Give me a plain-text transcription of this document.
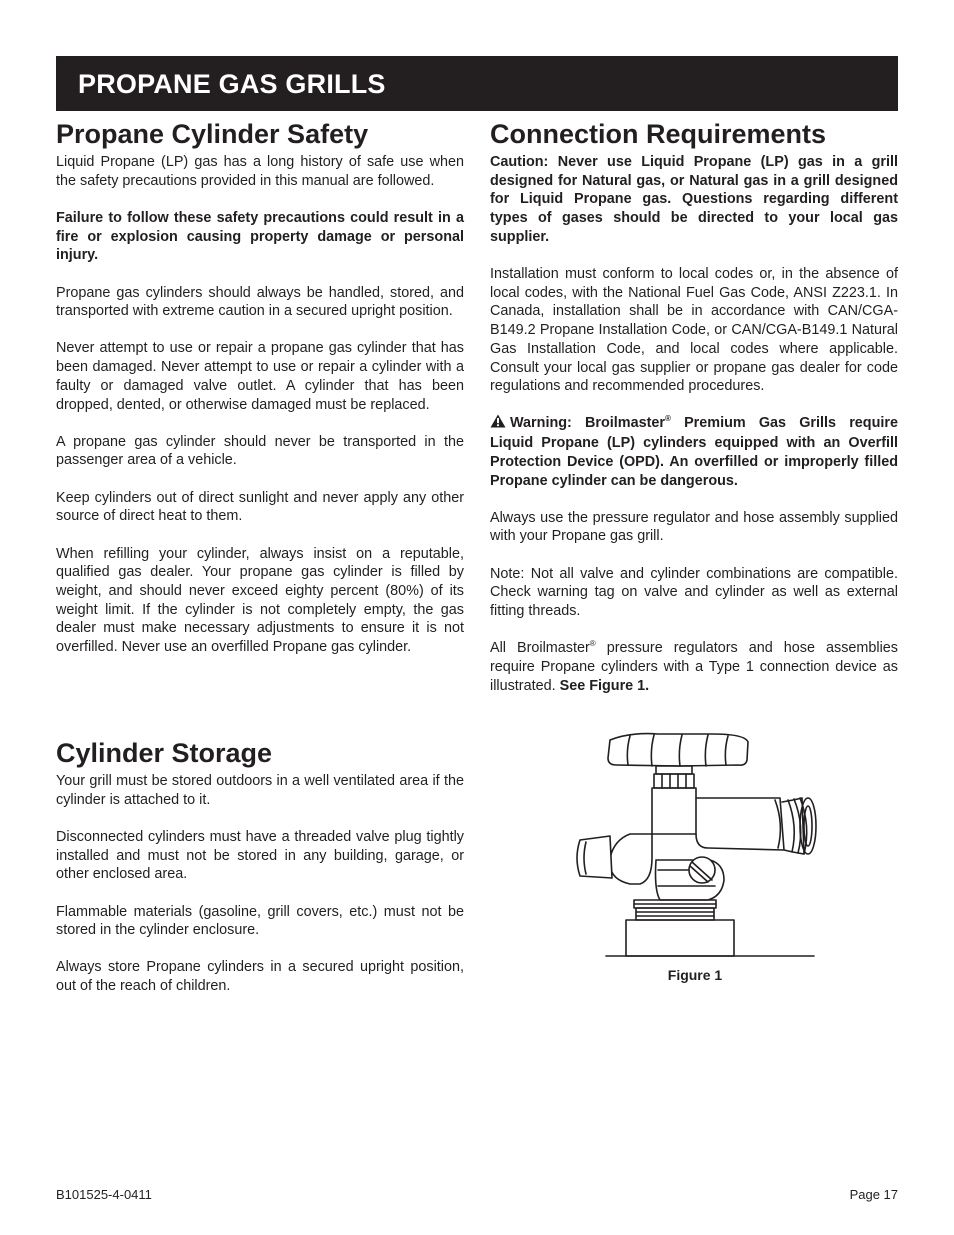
PROPANE GAS GRILLS
Propane Cylinder Safety

Liquid Propane (LP) gas has a long history of safe use when the safety precautions provided in this manual are followed.

Failure to follow these safety precautions could result in a fire or explosion causing property damage or personal injury.

Propane gas cylinders should always be handled, stored, and transported with extreme caution in a secured upright position.

Never attempt to use or repair a propane gas cylinder that has been damaged. Never attempt to use or repair a cylinder with a faulty or damaged valve outlet. A cylinder that has been dropped, dented, or otherwise damaged must be replaced.

A propane gas cylinder should never be transported in the passenger area of a vehicle.

Keep cylinders out of direct sunlight and never apply any other source of direct heat to them.

When refilling your cylinder, always insist on a reputable, qualified gas dealer. Your propane gas cylinder is filled by weight, and should never exceed eighty percent (80%) of its weight limit. If the cylinder is not completely empty, the gas dealer must make necessary adjustments to ensure it is not overfilled. Never use an overfilled Propane gas cylinder.

Cylinder Storage

Your grill must be stored outdoors in a well ventilated area if the cylinder is attached to it.

Disconnected cylinders must have a threaded valve plug tightly installed and must not be stored in any building, garage, or other enclosed area.

Flammable materials (gasoline, grill covers, etc.) must not be stored in the cylinder enclosure.

Always store Propane cylinders in a secured upright position, out of the reach of children.

Connection Requirements

Caution: Never use Liquid Propane (LP) gas in a grill designed for Natural gas, or Natural gas in a grill designed for Liquid Propane gas. Questions regarding different types of gases should be directed to your local gas supplier.

Installation must conform to local codes or, in the absence of local codes, with the National Fuel Gas Code, ANSI Z223.1. In Canada, installation shall be in accordance with CAN/CGA-B149.2 Propane Installation Code, or CAN/CGA-B149.1 Natural Gas Installation Code, and local codes where applicable. Consult your local gas supplier or propane gas dealer for code regulations and recommended procedures.

Warning: Broilmaster® Premium Gas Grills require Liquid Propane (LP) cylinders equipped with an Overfill Protection Device (OPD). An overfilled or improperly filled Propane cylinder can be dangerous.

Always use the pressure regulator and hose assembly supplied with your Propane gas grill.

Note: Not all valve and cylinder combinations are compatible. Check warning tag on valve and cylinder as well as external fitting threads.

All Broilmaster® pressure regulators and hose assemblies require Propane cylinders with a Type 1 connection device as illustrated. See Figure 1.

Figure 1
B101525-4-0411	Page 17
